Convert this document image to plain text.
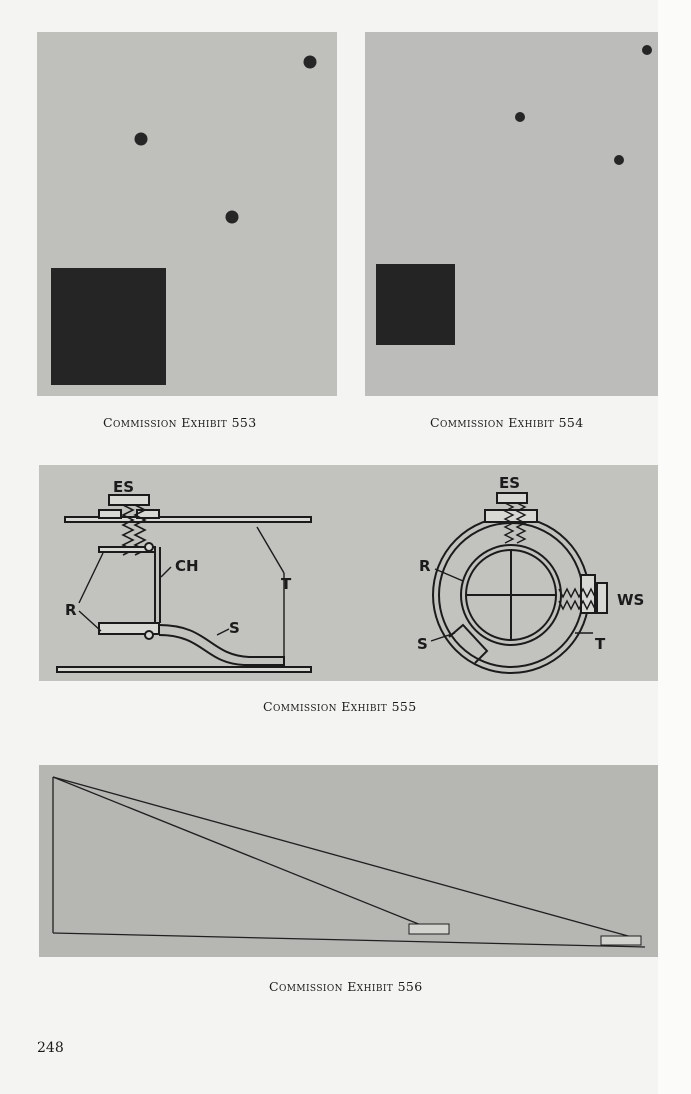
Commission Exhibit 553	Commission Exhibit 554
ES
CH
R
T
S
ES
R
WS
S	T
Commission Exhibit 555
Commission Exhibit 556
248
